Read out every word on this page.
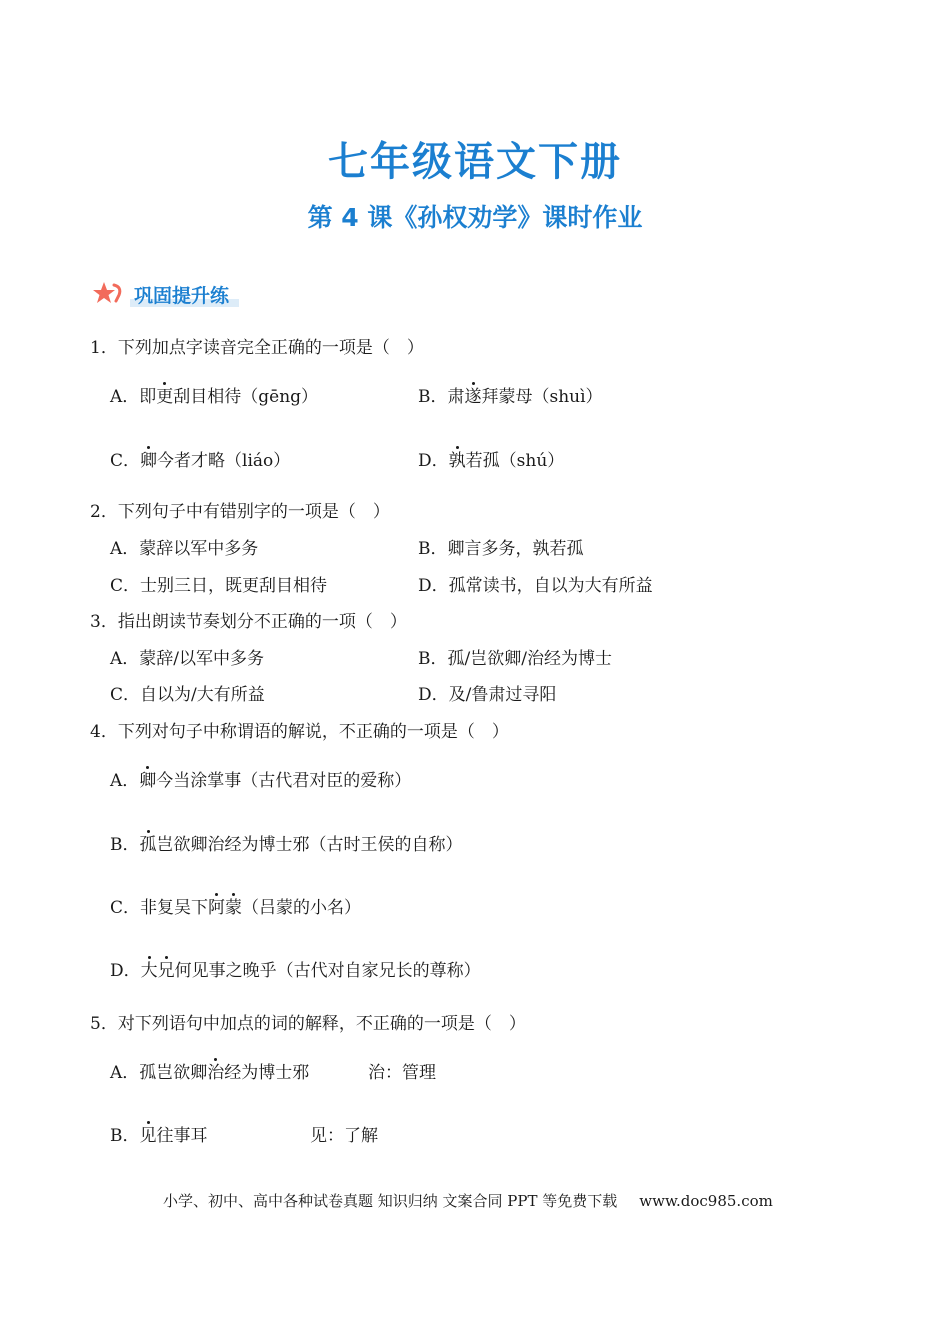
七年级语文下册
第 4 课《孙权劝学》课时作业
巩固提升练
1．下列加点字读音完全正确的一项是（　）
A．即更刮目相待（gēng）	B．肃遂拜蒙母（shuì）
C．卿今者才略（liáo）	D．孰若孤（shú）
2．下列句子中有错别字的一项是（　）
A．蒙辞以军中多务	B．卿言多务，孰若孤
C．士别三日，既更刮目相待	D．孤常读书，自以为大有所益
3．指出朗读节奏划分不正确的一项（　）
A．蒙辞/以军中多务	B．孤/岂欲卿/治经为博士
C．自以为/大有所益	D．及/鲁肃过寻阳
4．下列对句子中称谓语的解说，不正确的一项是（　）
A．卿今当涂掌事（古代君对臣的爱称）
B．孤岂欲卿治经为博士邪（古时王侯的自称）
C．非复吴下阿蒙（吕蒙的小名）
D．大兄何见事之晚乎（古代对自家兄长的尊称）
5．对下列语句中加点的词的解释，不正确的一项是（　）
A．孤岂欲卿治经为博士邪	治：管理
B．见往事耳	见：了解
小学、初中、高中各种试卷真题 知识归纳 文案合同 PPT 等免费下载 www.doc985.com
